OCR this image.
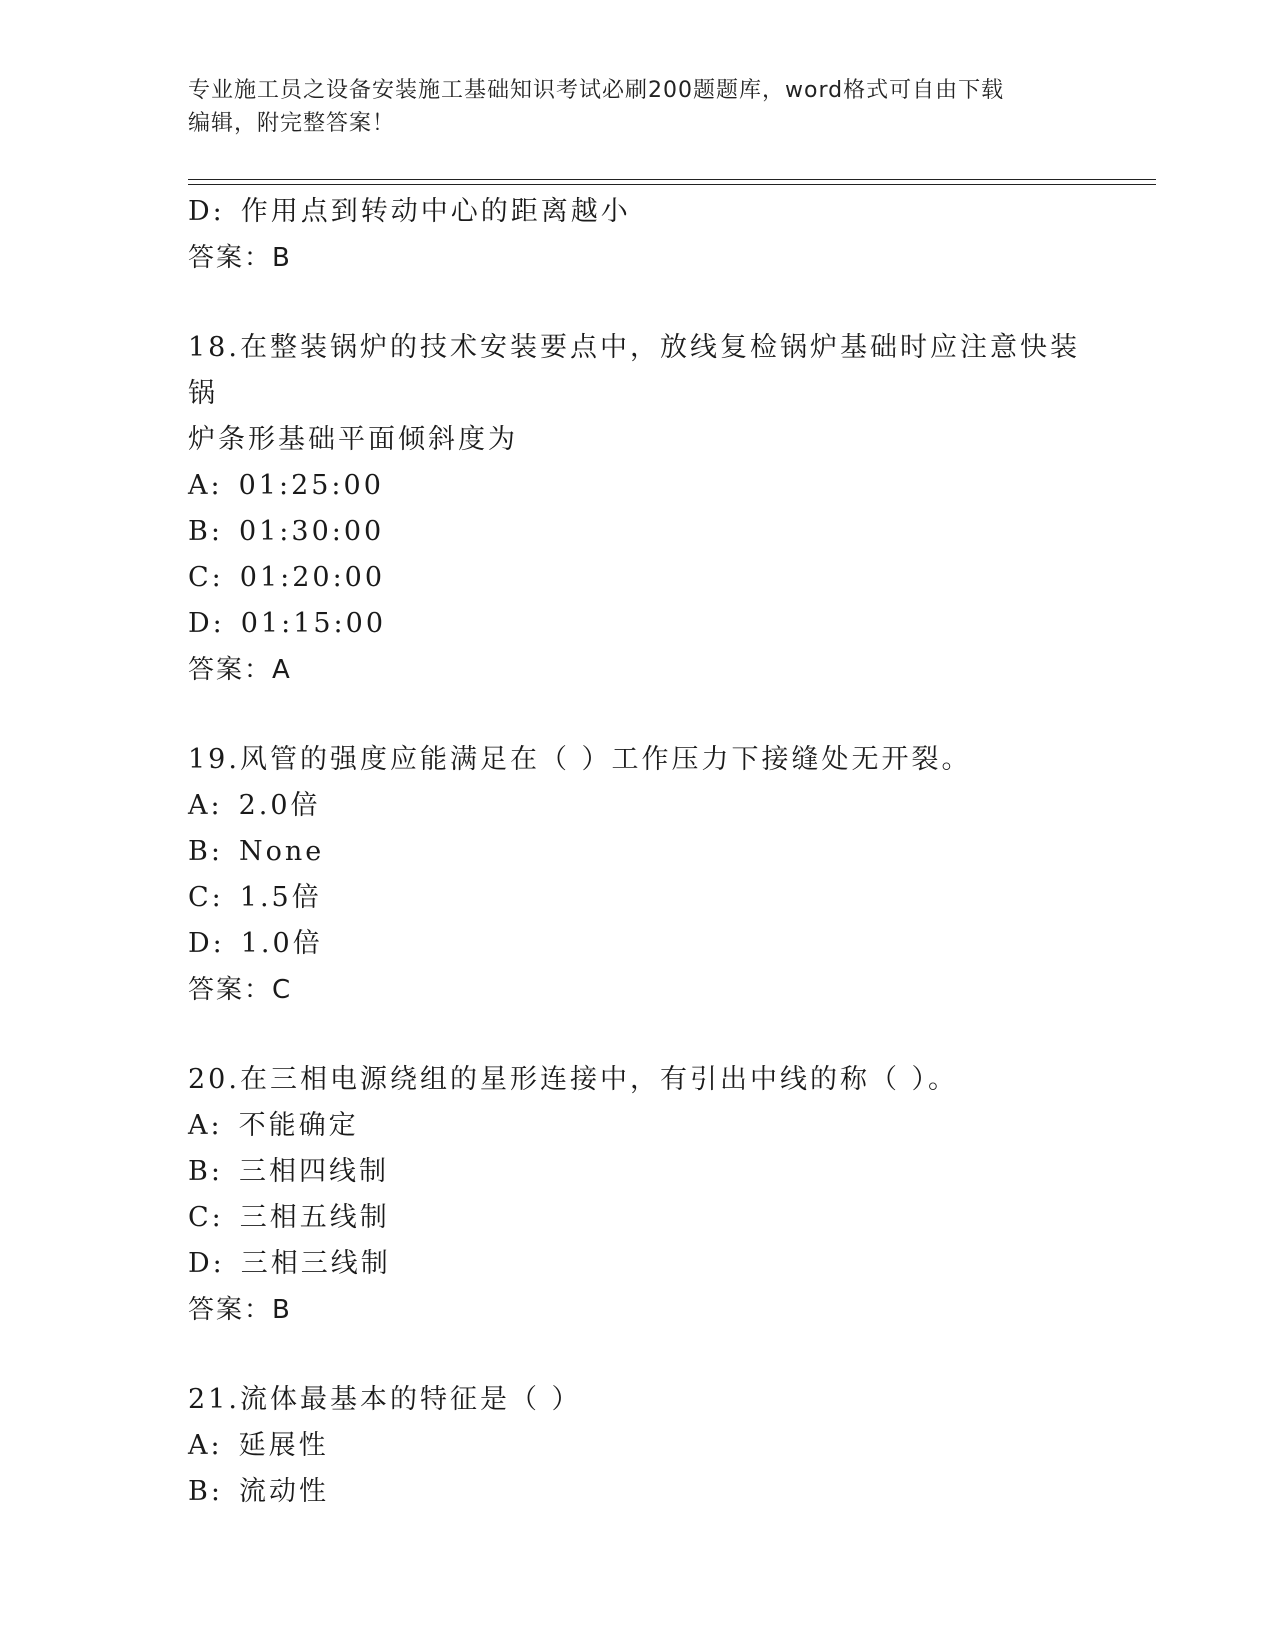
专业施工员之设备安装施工基础知识考试必刷200题题库，word格式可自由下载
编辑，附完整答案！
D: 作用点到转动中心的距离越小
答案：B
18.在整装锅炉的技术安装要点中，放线复检锅炉基础时应注意快装锅
炉条形基础平面倾斜度为
A: 01:25:00
B: 01:30:00
C: 01:20:00
D: 01:15:00
答案：A
19.风管的强度应能满足在（ ）工作压力下接缝处无开裂。
A: 2.0倍
B: None
C: 1.5倍
D: 1.0倍
答案：C
20.在三相电源绕组的星形连接中，有引出中线的称（ ）。
A: 不能确定
B: 三相四线制
C: 三相五线制
D: 三相三线制
答案：B
21.流体最基本的特征是（ ）
A: 延展性
B: 流动性
